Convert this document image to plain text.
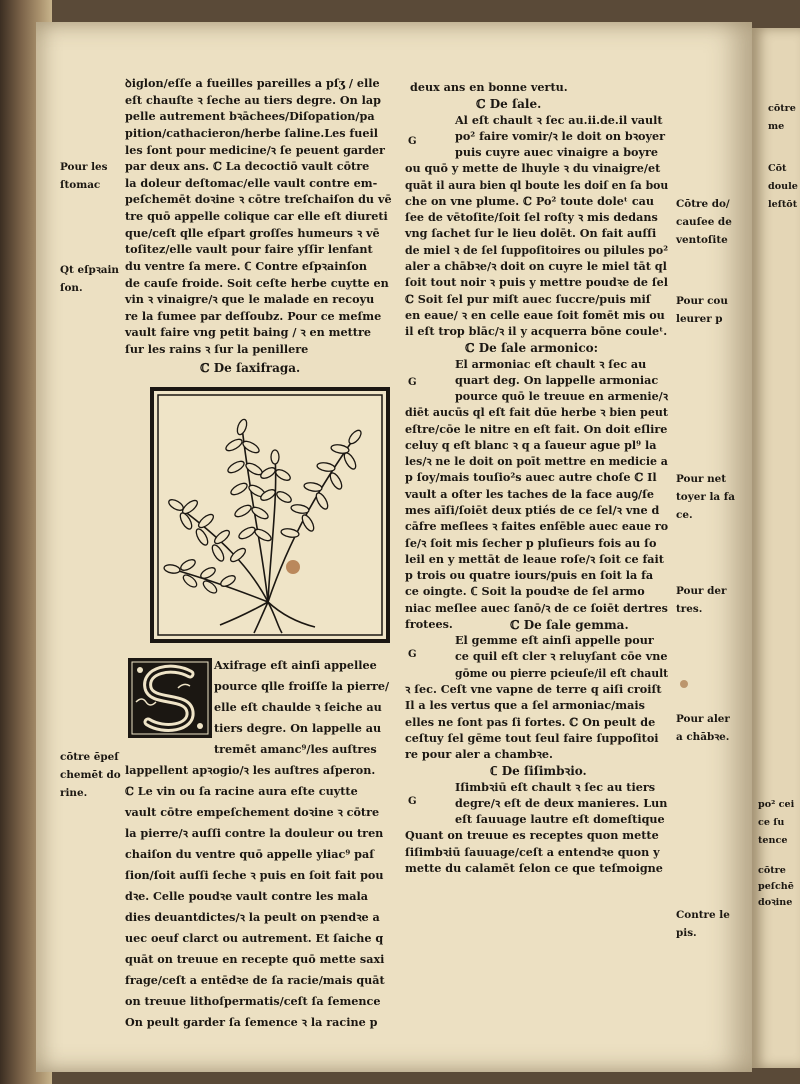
ꝺiglon/eſſe a fueilles pareilles a pſʒ / elle
eſt chauſte ꝛ ſeche au tiers degre. On lap
pelle autrement bꝛāchees/Diſopation/pa
pition/cathacieron/herbe ſaline.Les fueil
les ſont pour medicine/ꝛ ſe peuent garder
par deux ans. ℂ La decoctiō vault cōtre
la doleur deſtomac/elle vault contre em-
peſchemēt doꝛine ꝛ cōtre treſchaiſon du vē
tre quō appelle colique car elle eſt diureti
que/ceſt qlle eſpart groſſes humeurs ꝛ vē
toſitez/elle vault pour faire yſſir lenfant
du ventre ſa mere. ℂ Contre eſpꝛainſon
de cauſe froide. Soit ceſte herbe cuytte en
vin ꝛ vinaigre/ꝛ que le malade en recoyu
re la fumee par deſſoubz. Pour ce meſme
vault faire vng petit baing / ꝛ en mettre
ſur les rains ꝛ ſur la penillere
Axifrage eſt ainſi appellee
pource qlle froiſſe la pierre/
elle eſt chaulde ꝛ ſeiche au
tiers degre. On lappelle au
tremēt amanc⁹/les auſtres
lappellent apꝛogio/ꝛ les auſtres aſperon.
ℂ Le vin ou ſa racine aura eſte cuytte
vault cōtre empeſchement doꝛine ꝛ cōtre
la pierre/ꝛ auſſi contre la douleur ou tren
chaiſon du ventre quō appelle yliac⁹ paſ
ſion/ſoit auſſi ſeche ꝛ puis en ſoit fait pou
dꝛe. Celle poudꝛe vault contre les mala
dies deuantdictes/ꝛ la peult on pꝛendꝛe a
uec oeuf clarct ou autrement. Et ſaiche q
quāt on treuue en recepte quō mette saxi
frage/ceſt a entēdꝛe de ſa racie/mais quāt
on treuue lithoſpermatis/ceſt ſa ſemence
On peult garder ſa ſemence ꝛ la racine p
Pour les
ſtomac
Qt eſpꝛain
ſon.
cōtre ēpeſ
chemēt do
rine.
deux ans en bonne vertu.
ℂ De ſale.
Al eſt chault ꝛ ſec au.ii.de.il vault
po² faire vomir/ꝛ le doit on bꝛoyer
puis cuyre auec vinaigre a boyre
ou quō y mette de lhuyle ꝛ du vinaigre/et
quāt il aura bien ql boute les doiſ en ſa bou
che on vne plume. ℂ Po² toute doleᵗ cau
ſee de vētoſite/ſoit ſel roſty ꝛ mis dedans
vng ſachet ſur le lieu dolēt. On fait auſſi
de miel ꝛ de ſel ſuppoſitoires ou pilules po²
aler a chābꝛe/ꝛ doit on cuyre le miel tāt ql
ſoit tout noir ꝛ puis y mettre poudꝛe de ſel
ℂ Soit ſel pur miſt auec ſuccre/puis miſ
en eaue/ ꝛ en celle eaue ſoit fomēt mis ou
il eſt trop blāc/ꝛ il y acquerra bōne couleᵗ.
ℂ De ſale armonico:
El armoniac eſt chault ꝛ ſec au
quart deg. On lappelle armoniac
pource quō le treuue en armenie/ꝛ
diēt aucūs ql eſt fait dūe herbe ꝛ bien peut
eſtre/cōe le nitre en eſt fait. On doit eſlire
celuy q eſt blanc ꝛ q a ſaueur ague pl⁹ la
les/ꝛ ne le doit on poīt mettre en medicie a
p ſoy/mais touſio²s auec autre choſe ℂ Il
vault a oſter les taches de la face auꝯ/ſe
mes aīſi/ſoiēt deux ptiés de ce ſel/ꝛ vne d
cāfre meſlees ꝛ faites enſēble auec eaue ro
ſe/ꝛ ſoit mis ſecher p pluſieurs fois au ſo
leil en y mettāt de leaue roſe/ꝛ ſoit ce fait
p trois ou quatre iours/puis en ſoit la fa
ce oingte. ℂ Soit la poudꝛe de ſel armo
niac meſlee auec ſanō/ꝛ de ce ſoiēt dertres
frotees.	ℂ De ſale gemma.
El gemme eſt ainſi appelle pour
ce quil eſt cler ꝛ reluyſant cōe vne
gōme ou pierre pcieuſe/il eſt chault
ꝛ ſec. Ceſt vne vapne de terre q aiſi croiſt
Il a les vertus que a ſel armoniac/mais
elles ne ſont pas ſi fortes. ℂ On peult de
ceſtuy ſel gēme tout ſeul faire ſuppoſitoi
re pour aler a chambꝛe.
ℂ De ſiſimbꝛio.
Iſimbꝛiū eſt chault ꝛ ſec au tiers
degre/ꝛ eſt de deux manieres. Lun
eſt ſauuage lautre eſt domeſtique
Quant on treuue es receptes quon mette
ſiſimbꝛiū ſauuage/ceſt a entendꝛe quon y
mette du calamēt ſelon ce que teſmoigne
Cōtre do/
cauſee de
ventoſite
Pour cou
leurer p
Pour net
toyer la fa
ce.
Pour der
tres.
Pour aler
a chābꝛe.
Contre le
pis.
G
G
G
G
cōtre
me
Cōt
doule
leſtōt
po² cei
ce ſu
tence
cōtre
peſchē
doꝛine
ℂ De ſaxifraga.
